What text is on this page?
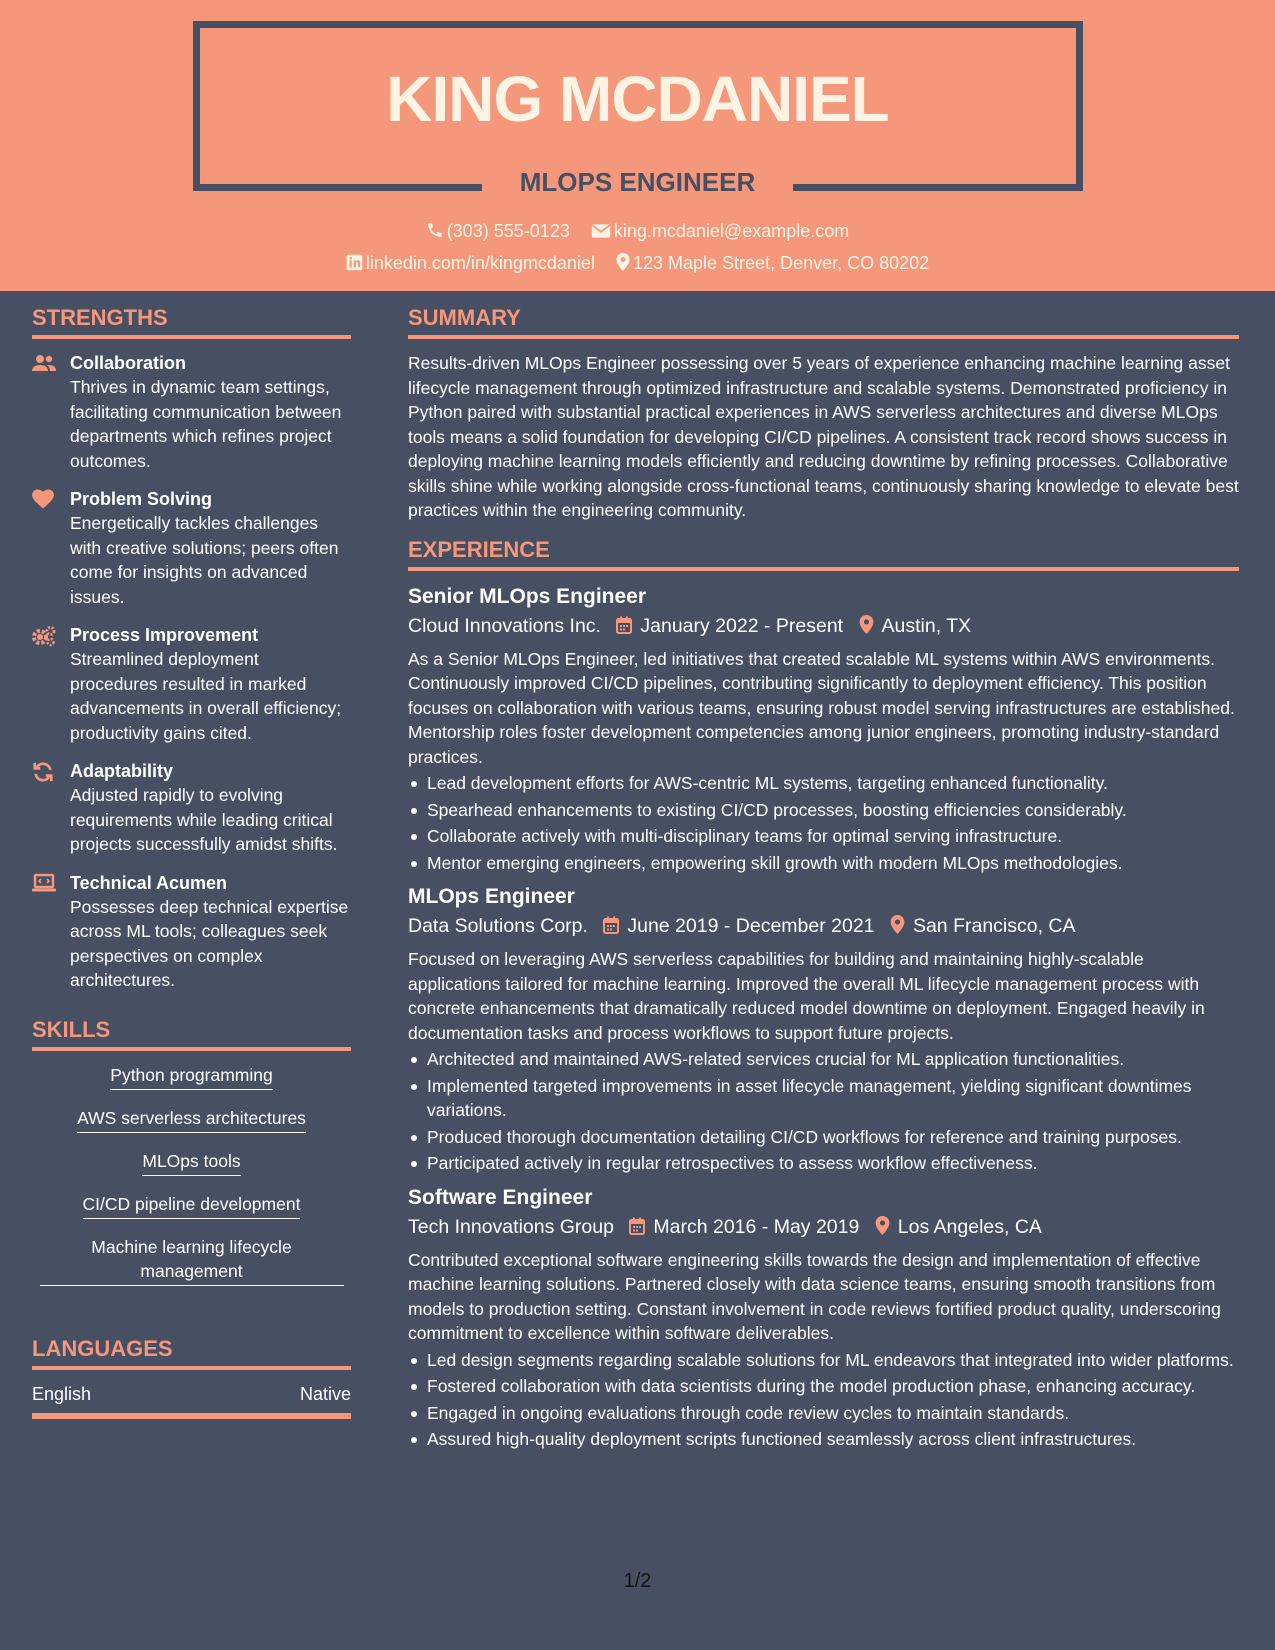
KING MCDANIEL
MLOPS ENGINEER
(303) 555-0123 king.mcdaniel@example.com
linkedin.com/in/kingmcdaniel 123 Maple Street, Denver, CO 80202
STRENGTHS
Collaboration
Thrives in dynamic team settings, facilitating communication between departments which refines project outcomes.
Problem Solving
Energetically tackles challenges with creative solutions; peers often come for insights on advanced issues.
Process Improvement
Streamlined deployment procedures resulted in marked advancements in overall efficiency; productivity gains cited.
Adaptability
Adjusted rapidly to evolving requirements while leading critical projects successfully amidst shifts.
Technical Acumen
Possesses deep technical expertise across ML tools; colleagues seek perspectives on complex architectures.
SKILLS
Python programming
AWS serverless architectures
MLOps tools
CI/CD pipeline development
Machine learning lifecycle management
LANGUAGES
English	Native
SUMMARY
Results-driven MLOps Engineer possessing over 5 years of experience enhancing machine learning asset lifecycle management through optimized infrastructure and scalable systems. Demonstrated proficiency in Python paired with substantial practical experiences in AWS serverless architectures and diverse MLOps tools means a solid foundation for developing CI/CD pipelines. A consistent track record shows success in deploying machine learning models efficiently and reducing downtime by refining processes. Collaborative skills shine while working alongside cross-functional teams, continuously sharing knowledge to elevate best practices within the engineering community.
EXPERIENCE
Senior MLOps Engineer
Cloud Innovations Inc. January 2022 - Present Austin, TX
As a Senior MLOps Engineer, led initiatives that created scalable ML systems within AWS environments. Continuously improved CI/CD pipelines, contributing significantly to deployment efficiency. This position focuses on collaboration with various teams, ensuring robust model serving infrastructures are established. Mentorship roles foster development competencies among junior engineers, promoting industry-standard practices.
Lead development efforts for AWS-centric ML systems, targeting enhanced functionality.
Spearhead enhancements to existing CI/CD processes, boosting efficiencies considerably.
Collaborate actively with multi-disciplinary teams for optimal serving infrastructure.
Mentor emerging engineers, empowering skill growth with modern MLOps methodologies.
MLOps Engineer
Data Solutions Corp. June 2019 - December 2021 San Francisco, CA
Focused on leveraging AWS serverless capabilities for building and maintaining highly-scalable applications tailored for machine learning. Improved the overall ML lifecycle management process with concrete enhancements that dramatically reduced model downtime on deployment. Engaged heavily in documentation tasks and process workflows to support future projects.
Architected and maintained AWS-related services crucial for ML application functionalities.
Implemented targeted improvements in asset lifecycle management, yielding significant downtimes variations.
Produced thorough documentation detailing CI/CD workflows for reference and training purposes.
Participated actively in regular retrospectives to assess workflow effectiveness.
Software Engineer
Tech Innovations Group March 2016 - May 2019 Los Angeles, CA
Contributed exceptional software engineering skills towards the design and implementation of effective machine learning solutions. Partnered closely with data science teams, ensuring smooth transitions from models to production setting. Constant involvement in code reviews fortified product quality, underscoring commitment to excellence within software deliverables.
Led design segments regarding scalable solutions for ML endeavors that integrated into wider platforms.
Fostered collaboration with data scientists during the model production phase, enhancing accuracy.
Engaged in ongoing evaluations through code review cycles to maintain standards.
Assured high-quality deployment scripts functioned seamlessly across client infrastructures.
1/2
